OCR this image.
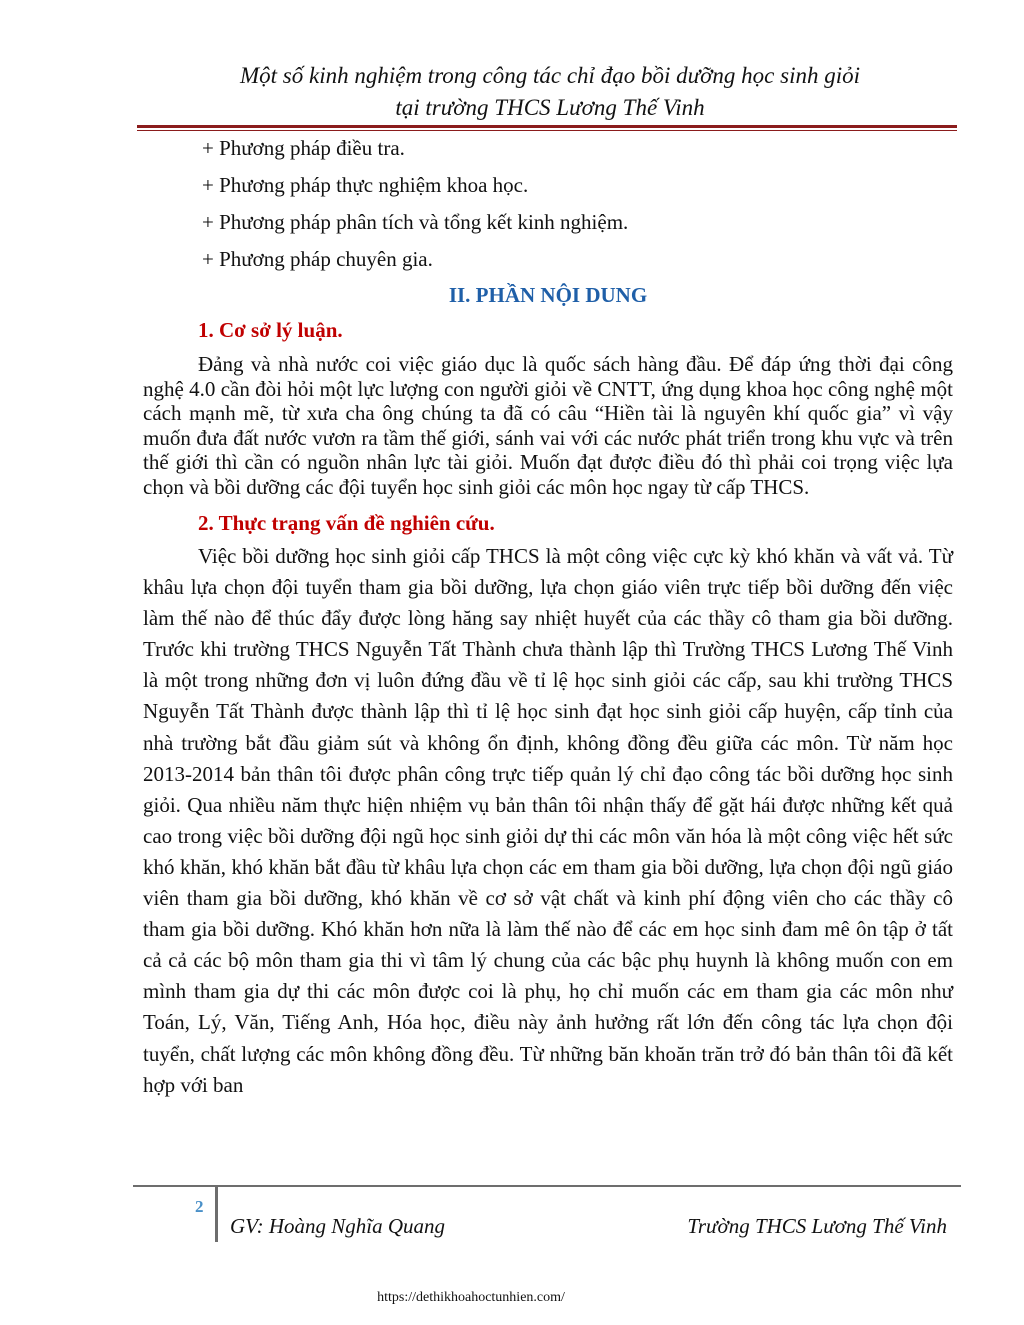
Một số kinh nghiệm trong công tác chỉ đạo bồi dưỡng học sinh giỏi
tại trường THCS Lương Thế Vinh

+ Phương pháp điều tra.

+ Phương pháp thực nghiệm khoa học.

+ Phương pháp phân tích và tổng kết kinh nghiệm.

+ Phương pháp chuyên gia.

II. PHẦN NỘI DUNG

1. Cơ sở lý luận.

Đảng và nhà nước coi việc giáo dục là quốc sách hàng đầu. Để đáp ứng thời đại công nghệ 4.0 cần đòi hỏi một lực lượng con người giỏi về CNTT, ứng dụng khoa học công nghệ một cách mạnh mẽ, từ xưa cha ông chúng ta đã có câu “Hiền tài là nguyên khí quốc gia” vì vậy muốn đưa đất nước vươn ra tầm thế giới, sánh vai với các nước phát triển trong khu vực và trên thế giới thì cần có nguồn nhân lực tài giỏi. Muốn đạt được điều đó thì phải coi trọng việc lựa chọn và bồi dưỡng các đội tuyển học sinh giỏi các môn học ngay từ cấp THCS.

2. Thực trạng vấn đề nghiên cứu.

Việc bồi dưỡng học sinh giỏi cấp THCS là một công việc cực kỳ khó khăn và vất vả. Từ khâu lựa chọn đội tuyển tham gia bồi dưỡng, lựa chọn giáo viên trực tiếp bồi dưỡng đến việc làm thế nào để thúc đẩy được lòng hăng say nhiệt huyết của các thầy cô tham gia bồi dưỡng. Trước khi trường THCS Nguyễn Tất Thành chưa thành lập thì Trường THCS Lương Thế Vinh là một trong những đơn vị luôn đứng đầu về tỉ lệ học sinh giỏi các cấp, sau khi trường THCS Nguyễn Tất Thành được thành lập thì tỉ lệ học sinh đạt học sinh giỏi cấp huyện, cấp tỉnh của nhà trường bắt đầu giảm sút và không ổn định, không đồng đều giữa các môn. Từ năm học 2013-2014 bản thân tôi được phân công trực tiếp quản lý chỉ đạo công tác bồi dưỡng học sinh giỏi. Qua nhiều năm thực hiện nhiệm vụ bản thân tôi nhận thấy để gặt hái được những kết quả cao trong việc bồi dưỡng đội ngũ học sinh giỏi dự thi các môn văn hóa là một công việc hết sức khó khăn, khó khăn bắt đầu từ khâu lựa chọn các em tham gia bồi dưỡng, lựa chọn đội ngũ giáo viên tham gia bồi dưỡng, khó khăn về cơ sở vật chất và kinh phí động viên cho các thầy cô tham gia bồi dưỡng. Khó khăn hơn nữa là làm thế nào để các em học sinh đam mê ôn tập ở tất cả cả các bộ môn tham gia thi vì tâm lý chung của các bậc phụ huynh là không muốn con em mình tham gia dự thi các môn được coi là phụ, họ chỉ muốn các em tham gia các môn như Toán, Lý, Văn, Tiếng Anh, Hóa học, điều này ảnh hưởng rất lớn đến công tác lựa chọn đội tuyển, chất lượng các môn không đồng đều. Từ những băn khoăn trăn trở đó bản thân tôi đã kết hợp với ban

2
GV: Hoàng Nghĩa Quang	Trường THCS Lương Thế Vinh
https://dethikhoahoctunhien.com/
